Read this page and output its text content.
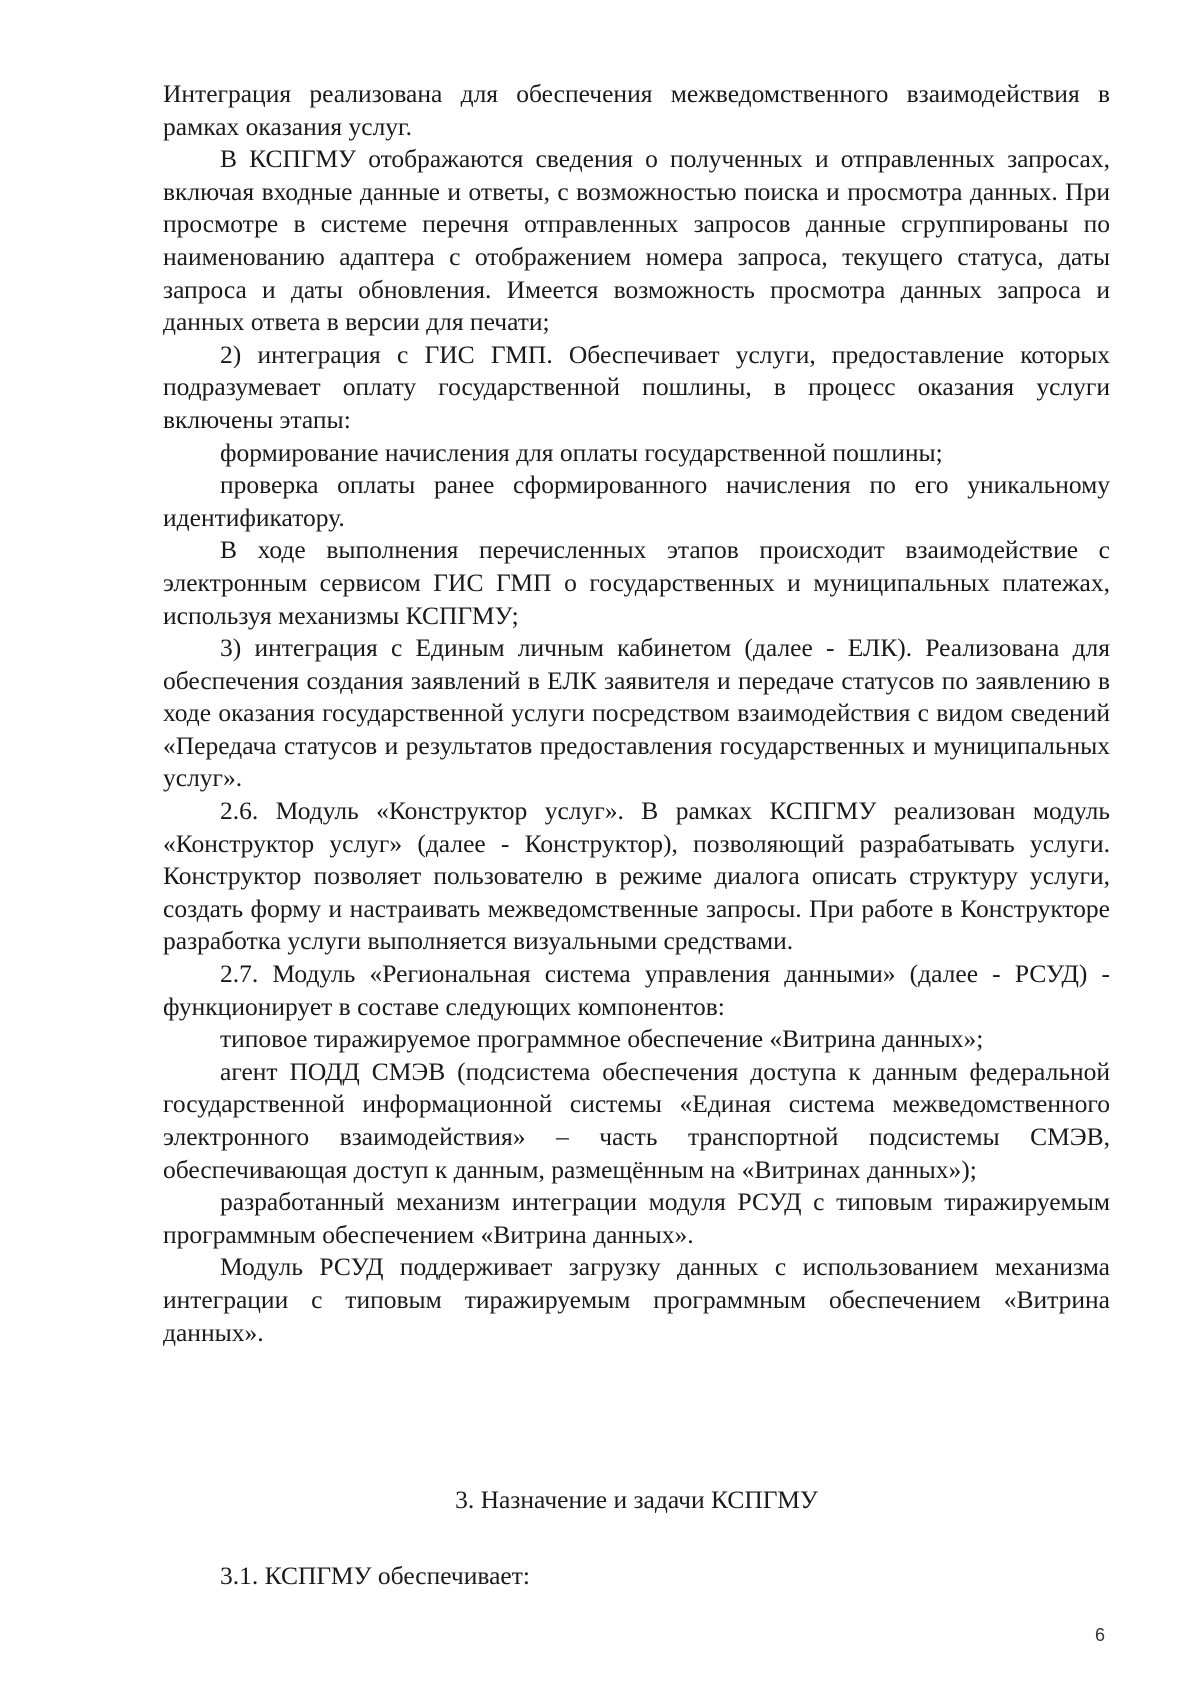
Интеграция реализована для обеспечения межведомственного взаимодействия в рамках оказания услуг.

В КСПГМУ отображаются сведения о полученных и отправленных запросах, включая входные данные и ответы, с возможностью поиска и просмотра данных. При просмотре в системе перечня отправленных запросов данные сгруппированы по наименованию адаптера с отображением номера запроса, текущего статуса, даты запроса и даты обновления. Имеется возможность просмотра данных запроса и данных ответа в версии для печати;

2) интеграция с ГИС ГМП. Обеспечивает услуги, предоставление которых подразумевает оплату государственной пошлины, в процесс оказания услуги включены этапы:

формирование начисления для оплаты государственной пошлины;

проверка оплаты ранее сформированного начисления по его уникальному идентификатору.

В ходе выполнения перечисленных этапов происходит взаимодействие с электронным сервисом ГИС ГМП о государственных и муниципальных платежах, используя механизмы КСПГМУ;

3) интеграция с Единым личным кабинетом (далее - ЕЛК). Реализована для обеспечения создания заявлений в ЕЛК заявителя и передаче статусов по заявлению в ходе оказания государственной услуги посредством взаимодействия с видом сведений «Передача статусов и результатов предоставления государственных и муниципальных услуг».

2.6. Модуль «Конструктор услуг». В рамках КСПГМУ реализован модуль «Конструктор услуг» (далее - Конструктор), позволяющий разрабатывать услуги. Конструктор позволяет пользователю в режиме диалога описать структуру услуги, создать форму и настраивать межведомственные запросы. При работе в Конструкторе разработка услуги выполняется визуальными средствами.

2.7. Модуль «Региональная система управления данными» (далее - РСУД) - функционирует в составе следующих компонентов:

типовое тиражируемое программное обеспечение «Витрина данных»;

агент ПОДД СМЭВ (подсистема обеспечения доступа к данным федеральной государственной информационной системы «Единая система межведомственного электронного взаимодействия» – часть транспортной подсистемы СМЭВ, обеспечивающая доступ к данным, размещённым на «Витринах данных»);

разработанный механизм интеграции модуля РСУД с типовым тиражируемым программным обеспечением «Витрина данных».

Модуль РСУД поддерживает загрузку данных с использованием механизма интеграции с типовым тиражируемым программным обеспечением «Витрина данных».

3. Назначение и задачи КСПГМУ

3.1. КСПГМУ обеспечивает:

6
